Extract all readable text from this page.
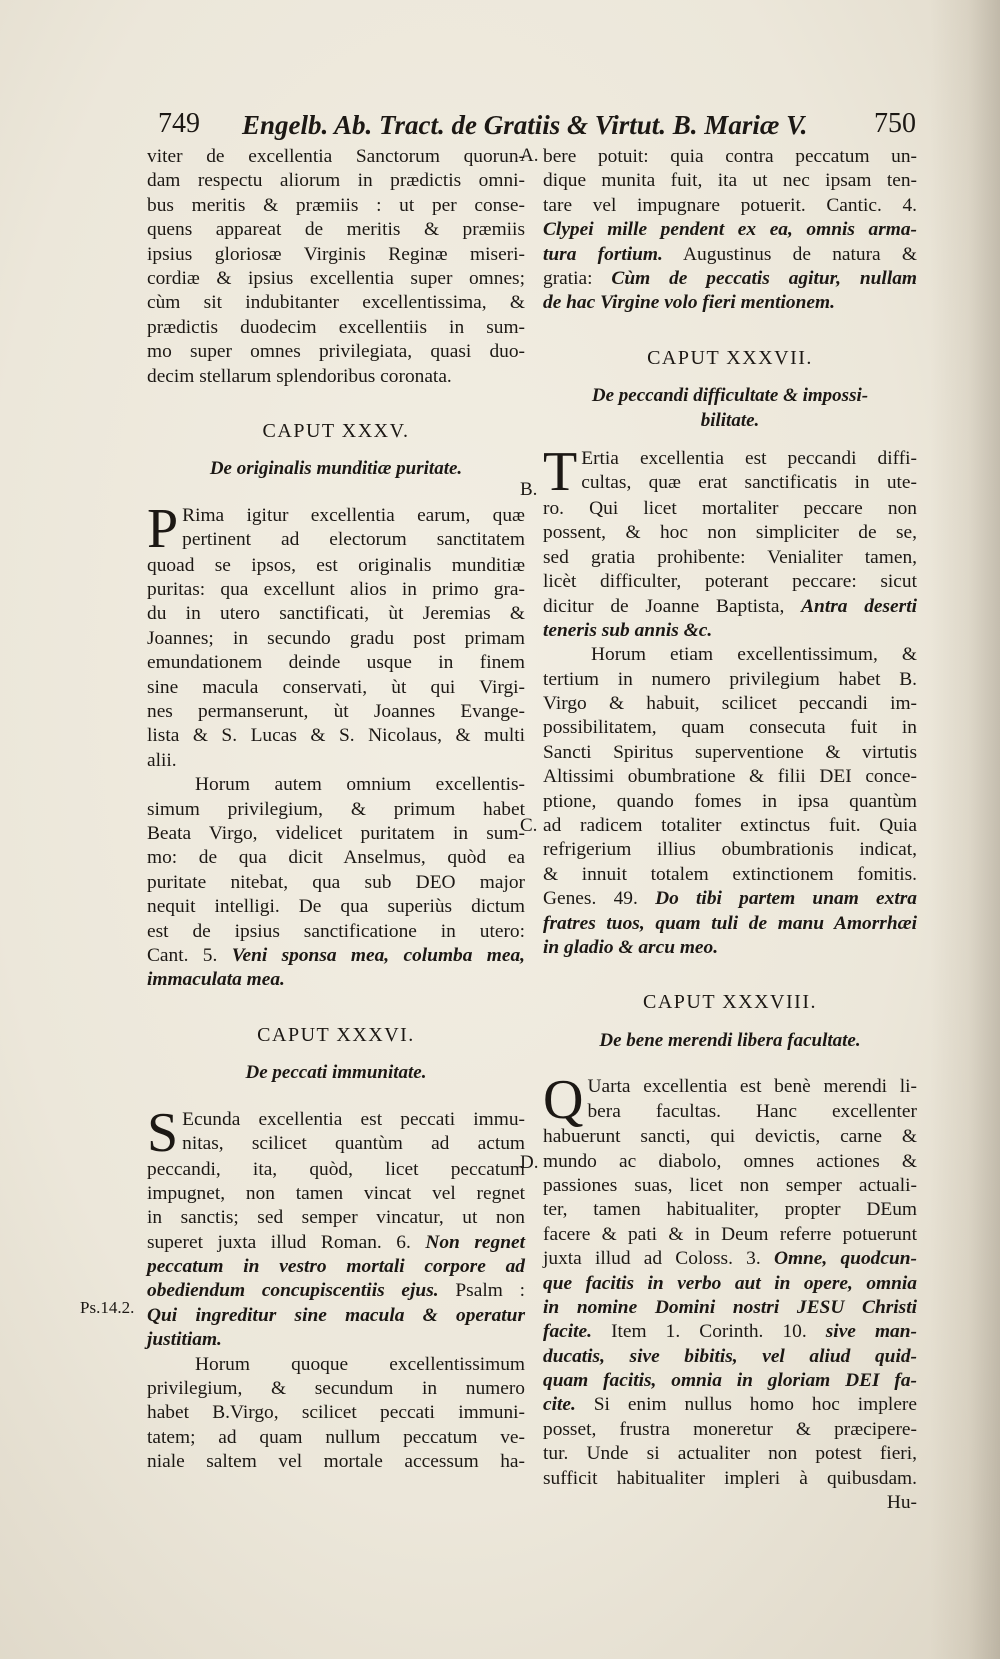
749 Engelb. Ab. Tract. de Gratiis & Virtut. B. Mariæ V. 750
A.
B.
C.
D.
Ps.14.2.
viter de excellentia Sanctorum quorun-
dam respectu aliorum in prædictis omni-
bus meritis & præmiis : ut per conse-
quens appareat de meritis & præmiis
ipsius gloriosæ Virginis Reginæ miseri-
cordiæ & ipsius excellentia super omnes;
cùm sit indubitanter excellentissima, &
prædictis duodecim excellentiis in sum-
mo super omnes privilegiata, quasi duo-
decim stellarum splendoribus coronata.
CAPUT XXXV.
De originalis munditiæ puritate.
P Rima igitur excellentia earum, quæ
pertinent ad electorum sanctitatem
quoad se ipsos, est originalis munditiæ
puritas: qua excellunt alios in primo gra-
du in utero sanctificati, ùt Jeremias &
Joannes; in secundo gradu post primam
emundationem deinde usque in finem
sine macula conservati, ùt qui Virgi-
nes permanserunt, ùt Joannes Evange-
lista & S. Lucas & S. Nicolaus, & multi
alii.
Horum autem omnium excellentis-
simum privilegium, & primum habet
Beata Virgo, videlicet puritatem in sum-
mo: de qua dicit Anselmus, quòd ea
puritate nitebat, qua sub DEO major
nequit intelligi. De qua superiùs dictum
est de ipsius sanctificatione in utero:
Cant. 5. Veni sponsa mea, columba mea,
immaculata mea.
CAPUT XXXVI.
De peccati immunitate.
S Ecunda excellentia est peccati immu-
nitas, scilicet quantùm ad actum
peccandi, ita, quòd, licet peccatum
impugnet, non tamen vincat vel regnet
in sanctis; sed semper vincatur, ut non
superet juxta illud Roman. 6. Non regnet
peccatum in vestro mortali corpore ad
obediendum concupiscentiis ejus. Psalm :
Qui ingreditur sine macula & operatur
justitiam.
Horum quoque excellentissimum
privilegium, & secundum in numero
habet B.Virgo, scilicet peccati immuni-
tatem; ad quam nullum peccatum ve-
niale saltem vel mortale accessum ha-
bere potuit: quia contra peccatum un-
dique munita fuit, ita ut nec ipsam ten-
tare vel impugnare potuerit. Cantic. 4.
Clypei mille pendent ex ea, omnis arma-
tura fortium. Augustinus de natura &
gratia: Cùm de peccatis agitur, nullam
de hac Virgine volo fieri mentionem.
CAPUT XXXVII.
De peccandi difficultate & impossi-
bilitate.
T Ertia excellentia est peccandi diffi-
cultas, quæ erat sanctificatis in ute-
ro. Qui licet mortaliter peccare non
possent, & hoc non simpliciter de se,
sed gratia prohibente: Venialiter tamen,
licèt difficulter, poterant peccare: sicut
dicitur de Joanne Baptista, Antra deserti
teneris sub annis &c.
Horum etiam excellentissimum, &
tertium in numero privilegium habet B.
Virgo & habuit, scilicet peccandi im-
possibilitatem, quam consecuta fuit in
Sancti Spiritus superventione & virtutis
Altissimi obumbratione & filii DEI conce-
ptione, quando fomes in ipsa quantùm
ad radicem totaliter extinctus fuit. Quia
refrigerium illius obumbrationis indicat,
& innuit totalem extinctionem fomitis.
Genes. 49. Do tibi partem unam extra
fratres tuos, quam tuli de manu Amorrhæi
in gladio & arcu meo.
CAPUT XXXVIII.
De bene merendi libera facultate.
Q Uarta excellentia est benè merendi li-
bera facultas. Hanc excellenter
habuerunt sancti, qui devictis, carne &
mundo ac diabolo, omnes actiones &
passiones suas, licet non semper actuali-
ter, tamen habitualiter, propter DEum
facere & pati & in Deum referre potuerunt
juxta illud ad Coloss. 3. Omne, quodcun-
que facitis in verbo aut in opere, omnia
in nomine Domini nostri JESU Christi
facite. Item 1. Corinth. 10. sive man-
ducatis, sive bibitis, vel aliud quid-
quam facitis, omnia in gloriam DEI fa-
cite. Si enim nullus homo hoc implere
posset, frustra moneretur & præcipere-
tur. Unde si actualiter non potest fieri,
sufficit habitualiter impleri à quibusdam.
Hu-
